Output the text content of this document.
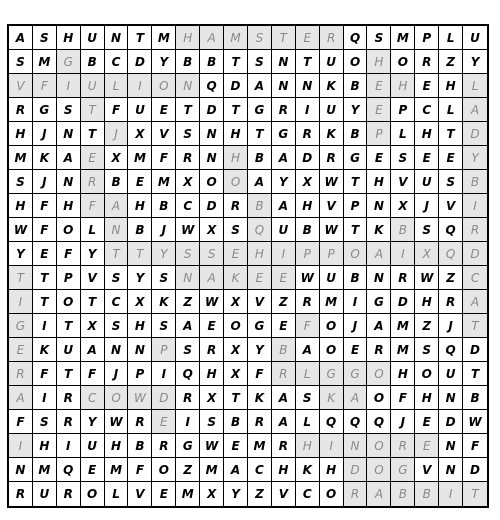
A	S	H	U	N	T	M	H	A	M	S	T	E	R	Q	S	M	P	L	U
S	M	G	B	C	D	Y	B	B	T	S	N	T	U	O	H	O	R	Z	Y
V	F	I	U	L	I	O	N	Q	D	A	N	N	K	B	E	H	E	H	L
R	G	S	T	F	U	E	T	D	T	G	R	I	U	Y	E	P	C	L	A
H	J	N	T	J	X	V	S	N	H	T	G	R	K	B	P	L	H	T	D
M	K	A	E	X	M	F	R	N	H	B	A	D	R	G	E	S	E	E	Y
S	J	N	R	B	E	M	X	O	O	A	Y	X	W	T	H	V	U	S	B
H	F	H	F	A	H	B	C	D	R	B	A	H	V	P	N	X	J	V	I
W	F	O	L	N	B	J	W	X	S	Q	U	B	W	T	K	B	S	Q	R
Y	E	F	Y	T	T	Y	S	S	E	H	I	P	P	O	A	I	X	Q	D
T	T	P	V	S	Y	S	N	A	K	E	E	W	U	B	N	R	W	Z	C
I	T	O	T	C	X	K	Z	W	X	V	Z	R	M	I	G	D	H	R	A
G	I	T	X	S	H	S	A	E	O	G	E	F	O	J	A	M	Z	J	T
E	K	U	A	N	N	P	S	R	X	Y	B	A	O	E	R	M	S	Q	D
R	F	T	F	J	P	I	Q	H	X	F	R	L	G	G	O	H	O	U	T
A	I	R	C	O	W	D	R	X	T	K	A	S	K	A	O	F	H	N	B
F	S	R	Y	W	R	E	I	S	B	R	A	L	Q	Q	Q	J	E	D	W
I	H	I	U	H	B	R	G	W	E	M	R	H	I	N	O	R	E	N	F
N	M	Q	E	M	F	O	Z	M	A	C	H	K	H	D	O	G	V	N	D
R	U	R	O	L	V	E	M	X	Y	Z	V	C	O	R	A	B	B	I	T
